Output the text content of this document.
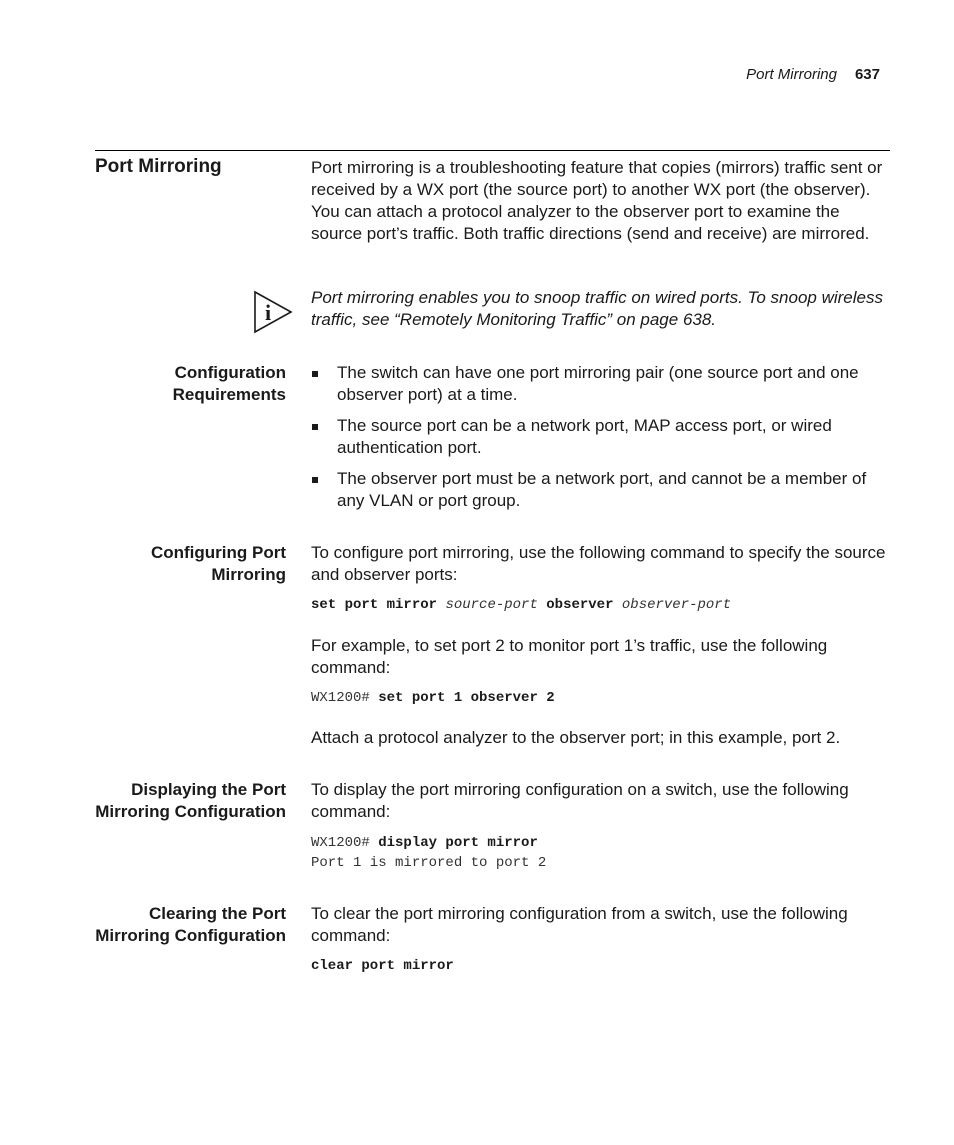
Port Mirroring 637
Port Mirroring	Port mirroring is a troubleshooting feature that copies (mirrors) traffic sent or received by a WX port (the source port) to another WX port (the observer). You can attach a protocol analyzer to the observer port to examine the source port’s traffic. Both traffic directions (send and receive) are mirrored.
i
Port mirroring enables you to snoop traffic on wired ports. To snoop wireless traffic, see “Remotely Monitoring Traffic” on page 638.
Configuration Requirements
The switch can have one port mirroring pair (one source port and one observer port) at a time.
The source port can be a network port, MAP access port, or wired authentication port.
The observer port must be a network port, and cannot be a member of any VLAN or port group.
Configuring Port Mirroring
To configure port mirroring, use the following command to specify the source and observer ports:
set port mirror source-port observer observer-port
For example, to set port 2 to monitor port 1’s traffic, use the following command:
WX1200# set port 1 observer 2
Attach a protocol analyzer to the observer port; in this example, port 2.
Displaying the Port Mirroring Configuration
To display the port mirroring configuration on a switch, use the following command:
WX1200# display port mirror
Port 1 is mirrored to port 2
Clearing the Port Mirroring Configuration
To clear the port mirroring configuration from a switch, use the following command:
clear port mirror
